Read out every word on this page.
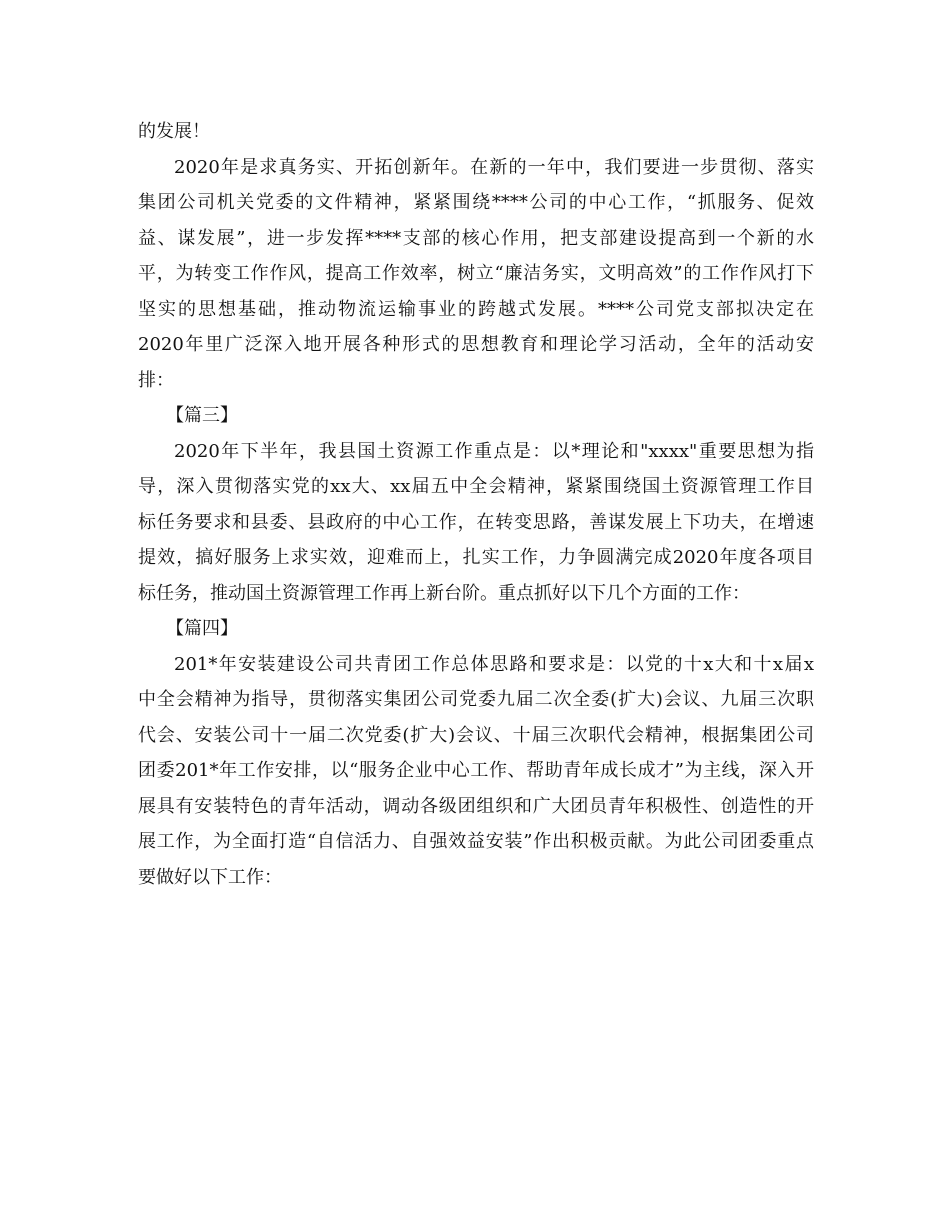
的发展！
2020年是求真务实、开拓创新年。在新的一年中，我们要进一步贯彻、落实
集团公司机关党委的文件精神，紧紧围绕****公司的中心工作，“抓服务、促效
益、谋发展”，进一步发挥****支部的核心作用，把支部建设提高到一个新的水
平，为转变工作作风，提高工作效率，树立“廉洁务实，文明高效”的工作作风打下
坚实的思想基础，推动物流运输事业的跨越式发展。****公司党支部拟决定在
2020年里广泛深入地开展各种形式的思想教育和理论学习活动，全年的活动安
排：
【篇三】
2020年下半年，我县国土资源工作重点是：以*理论和"xxxx"重要思想为指
导，深入贯彻落实党的xx大、xx届五中全会精神，紧紧围绕国土资源管理工作目
标任务要求和县委、县政府的中心工作，在转变思路，善谋发展上下功夫，在增速
提效，搞好服务上求实效，迎难而上，扎实工作，力争圆满完成2020年度各项目
标任务，推动国土资源管理工作再上新台阶。重点抓好以下几个方面的工作：
【篇四】
201*年安装建设公司共青团工作总体思路和要求是：以党的十x大和十x届x
中全会精神为指导，贯彻落实集团公司党委九届二次全委(扩大)会议、九届三次职
代会、安装公司十一届二次党委(扩大)会议、十届三次职代会精神，根据集团公司
团委201*年工作安排，以“服务企业中心工作、帮助青年成长成才”为主线，深入开
展具有安装特色的青年活动，调动各级团组织和广大团员青年积极性、创造性的开
展工作，为全面打造“自信活力、自强效益安装”作出积极贡献。为此公司团委重点
要做好以下工作：
